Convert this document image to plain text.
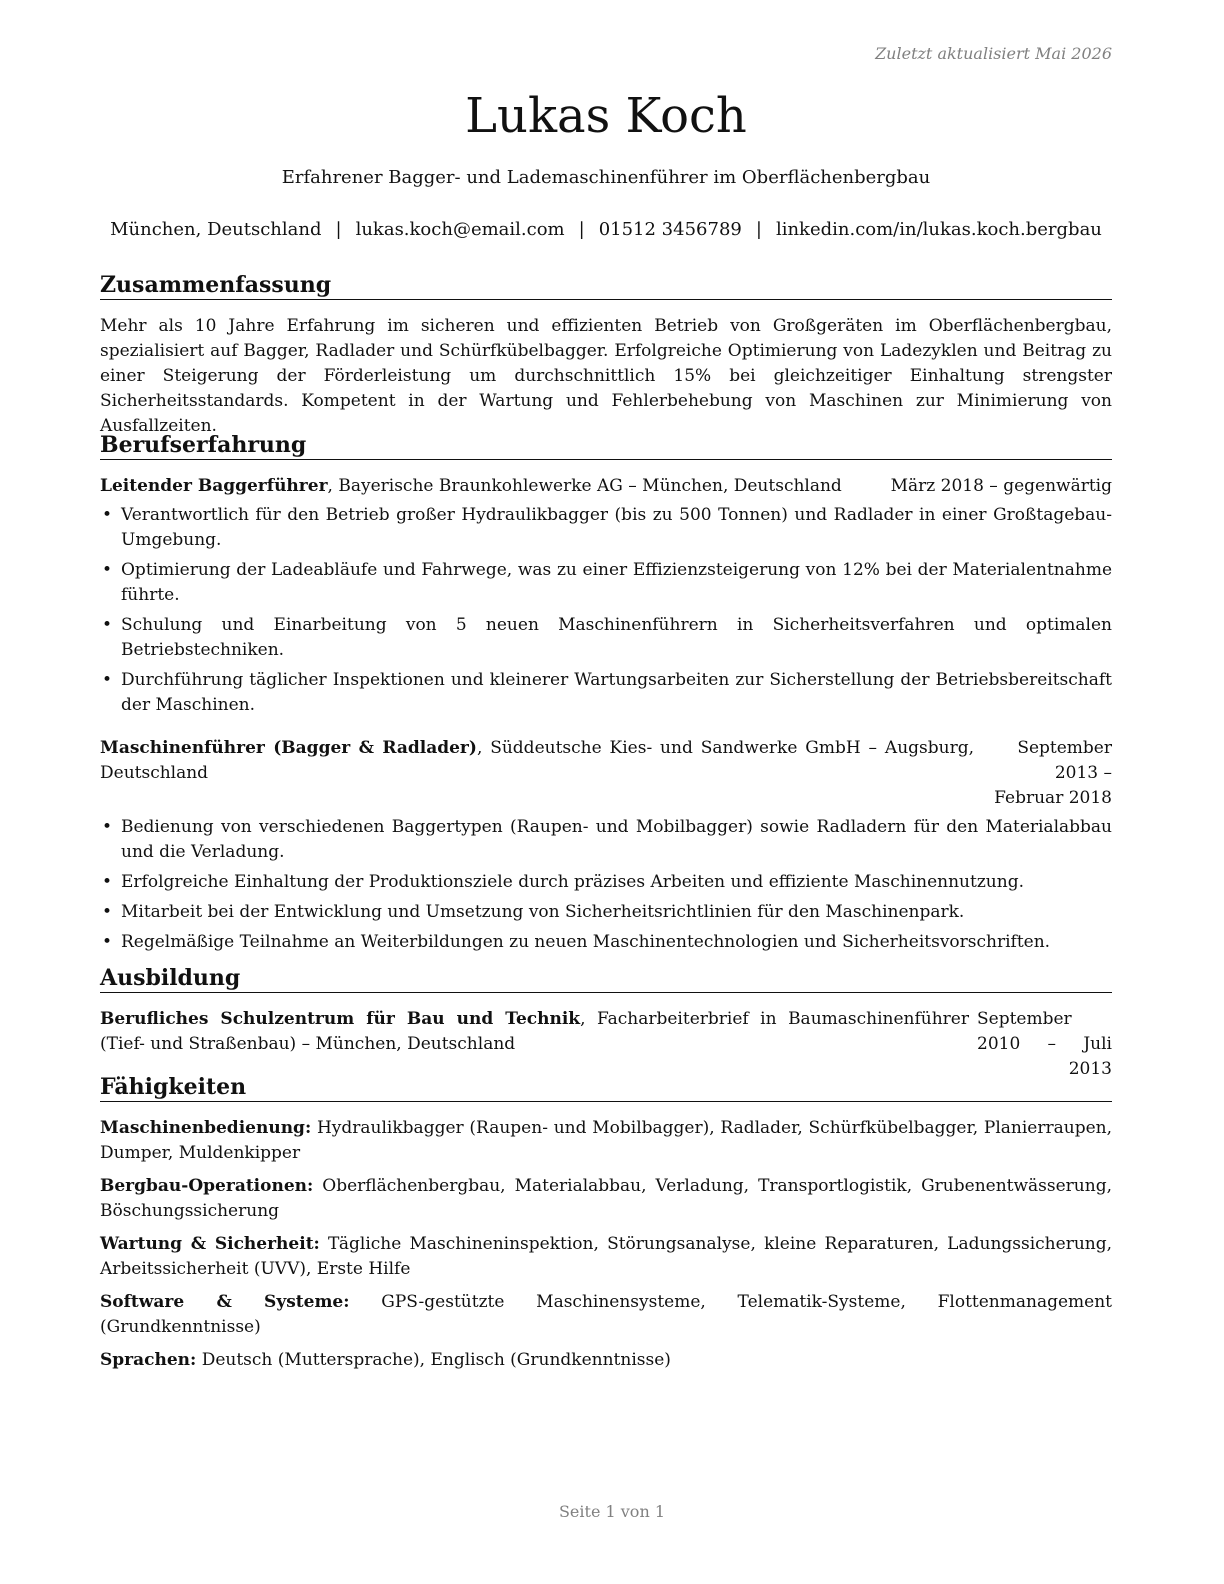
Zuletzt aktualisiert Mai 2026
Lukas Koch
Erfahrener Bagger- und Lademaschinenführer im Oberflächenbergbau
München, Deutschland | lukas.koch@email.com | 01512 3456789 | linkedin.com/in/lukas.koch.bergbau
Zusammenfassung
Mehr als 10 Jahre Erfahrung im sicheren und effizienten Betrieb von Großgeräten im Oberflächenbergbau, spezialisiert auf Bagger, Radlader und Schürfkübelbagger. Erfolgreiche Optimierung von Ladezyklen und Beitrag zu einer Steigerung der Förderleistung um durchschnittlich 15% bei gleichzeitiger Einhaltung strengster Sicherheitsstandards. Kompetent in der Wartung und Fehlerbehebung von Maschinen zur Minimierung von Ausfallzeiten.
Berufserfahrung
Leitender Baggerführer, Bayerische Braunkohlewerke AG – München, Deutschland	März 2018 – gegenwärtig
• Verantwortlich für den Betrieb großer Hydraulikbagger (bis zu 500 Tonnen) und Radlader in einer Großtagebau-Umgebung.
• Optimierung der Ladeabläufe und Fahrwege, was zu einer Effizienzsteigerung von 12% bei der Materialentnahme führte.
• Schulung und Einarbeitung von 5 neuen Maschinenführern in Sicherheitsverfahren und optimalen Betriebstechniken.
• Durchführung täglicher Inspektionen und kleinerer Wartungsarbeiten zur Sicherstellung der Betriebsbereitschaft der Maschinen.
Maschinenführer (Bagger & Radlader), Süddeutsche Kies- und Sandwerke GmbH – Augsburg, Deutschland
September 2013 – Februar 2018
• Bedienung von verschiedenen Baggertypen (Raupen- und Mobilbagger) sowie Radladern für den Materialabbau und die Verladung.
• Erfolgreiche Einhaltung der Produktionsziele durch präzises Arbeiten und effiziente Maschinennutzung.
• Mitarbeit bei der Entwicklung und Umsetzung von Sicherheitsrichtlinien für den Maschinenpark.
• Regelmäßige Teilnahme an Weiterbildungen zu neuen Maschinentechnologien und Sicherheitsvorschriften.
Ausbildung
Berufliches Schulzentrum für Bau und Technik, Facharbeiterbrief in Baumaschinenführer (Tief- und Straßenbau) – München, Deutschland
September 2010 – Juli 2013
Fähigkeiten
Maschinenbedienung: Hydraulikbagger (Raupen- und Mobilbagger), Radlader, Schürfkübelbagger, Planierraupen, Dumper, Muldenkipper
Bergbau-Operationen: Oberflächenbergbau, Materialabbau, Verladung, Transportlogistik, Grubenentwässerung, Böschungssicherung
Wartung & Sicherheit: Tägliche Maschineninspektion, Störungsanalyse, kleine Reparaturen, Ladungssicherung, Arbeitssicherheit (UVV), Erste Hilfe
Software & Systeme: GPS-gestützte Maschinensysteme, Telematik-Systeme, Flottenmanagement (Grundkenntnisse)
Sprachen: Deutsch (Muttersprache), Englisch (Grundkenntnisse)
Seite 1 von 1
